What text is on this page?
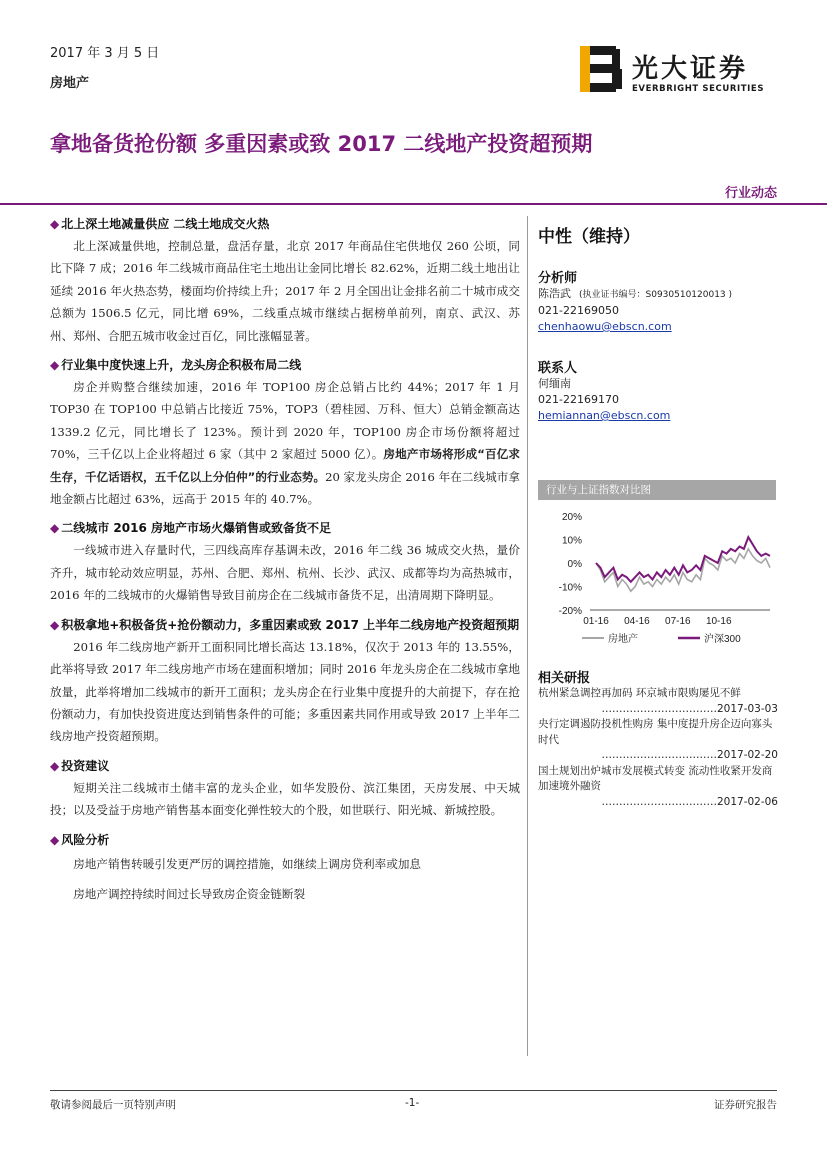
2017 年 3 月 5 日
房地产	光大证券
EVERBRIGHT SECURITIES
拿地备货抢份额 多重因素或致 2017 二线地产投资超预期
行业动态
◆ 北上深土地减量供应 二线土地成交火热

北上深减量供地，控制总量，盘活存量，北京 2017 年商品住宅供地仅 260 公顷，同比下降 7 成；2016 年二线城市商品住宅土地出让金同比增长 82.62%，近期二线土地出让延续 2016 年火热态势，楼面均价持续上升；2017 年 2 月全国出让金排名前二十城市成交总额为 1506.5 亿元，同比增 69%，二线重点城市继续占据榜单前列，南京、武汉、苏州、郑州、合肥五城市收金过百亿，同比涨幅显著。

◆ 行业集中度快速上升，龙头房企积极布局二线

房企并购整合继续加速，2016 年 TOP100 房企总销占比约 44%；2017 年 1 月 TOP30 在 TOP100 中总销占比接近 75%，TOP3（碧桂园、万科、恒大）总销金额高达 1339.2 亿元，同比增长了 123%。预计到 2020 年，TOP100 房企市场份额将超过 70%，三千亿以上企业将超过 6 家（其中 2 家超过 5000 亿）。房地产市场将形成“百亿求生存，千亿话语权，五千亿以上分伯仲”的行业态势。20 家龙头房企 2016 年在二线城市拿地金额占比超过 63%，远高于 2015 年的 40.7%。

◆ 二线城市 2016 房地产市场火爆销售或致备货不足

一线城市进入存量时代，三四线高库存基调未改，2016 年二线 36 城成交火热，量价齐升，城市轮动效应明显，苏州、合肥、郑州、杭州、长沙、武汉、成都等均为高热城市，2016 年的二线城市的火爆销售导致目前房企在二线城市备货不足，出清周期下降明显。

◆ 积极拿地+积极备货+抢份额动力，多重因素或致 2017 上半年二线房地产投资超预期

2016 年二线房地产新开工面积同比增长高达 13.18%，仅次于 2013 年的 13.55%，此举将导致 2017 年二线房地产市场在建面积增加；同时 2016 年龙头房企在二线城市拿地放量，此举将增加二线城市的新开工面积；龙头房企在行业集中度提升的大前提下，存在抢份额动力，有加快投资进度达到销售条件的可能；多重因素共同作用或导致 2017 上半年二线房地产投资超预期。

◆ 投资建议

短期关注二线城市土储丰富的龙头企业，如华发股份、滨江集团，天房发展、中天城投；以及受益于房地产销售基本面变化弹性较大的个股，如世联行、阳光城、新城控股。

◆ 风险分析

房地产销售转暖引发更严厉的调控措施，如继续上调房贷利率或加息

房地产调控持续时间过长导致房企资金链断裂

中性（维持）
分析师
陈浩武 (执业证书编号：S0930510120013 )
021-22169050
chenhaowu@ebscn.com
联系人
何缅南
021-22169170
hemiannan@ebscn.com
行业与上证指数对比图
20%
10%
0%
-10%
-20%
01-16 04-16 07-16 10-16
房地产	沪深300
相关研报
杭州紧急调控再加码 环京城市限购屡见不鲜
……………………………2017-03-03
央行定调遏防投机性购房 集中度提升房企迈向寡头时代
……………………………2017-02-20
国土规划出炉城市发展模式转变 流动性收紧开发商加速境外融资
……………………………2017-02-06
敬请参阅最后一页特别声明	-1-	证券研究报告
